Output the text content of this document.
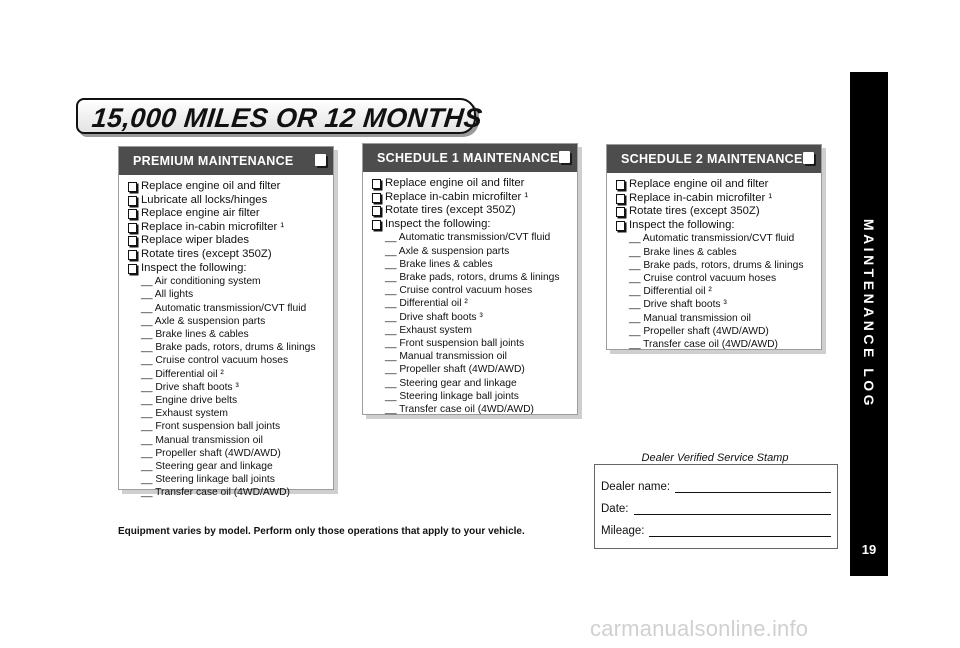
15,000 MILES OR 12 MONTHS
MAINTENANCE LOG
19
PREMIUM MAINTENANCE
Replace engine oil and filter
Lubricate all locks/hinges
Replace engine air filter
Replace in-cabin microfilter ¹
Replace wiper blades
Rotate tires (except 350Z)
Inspect the following:
__ Air conditioning system
__ All lights
__ Automatic transmission/CVT fluid
__ Axle & suspension parts
__ Brake lines & cables
__ Brake pads, rotors, drums & linings
__ Cruise control vacuum hoses
__ Differential oil ²
__ Drive shaft boots ³
__ Engine drive belts
__ Exhaust system
__ Front suspension ball joints
__ Manual transmission oil
__ Propeller shaft (4WD/AWD)
__ Steering gear and linkage
__ Steering linkage ball joints
__ Transfer case oil (4WD/AWD)
SCHEDULE 1 MAINTENANCE
Replace engine oil and filter
Replace in-cabin microfilter ¹
Rotate tires (except 350Z)
Inspect the following:
__ Automatic transmission/CVT fluid
__ Axle & suspension parts
__ Brake lines & cables
__ Brake pads, rotors, drums & linings
__ Cruise control vacuum hoses
__ Differential oil ²
__ Drive shaft boots ³
__ Exhaust system
__ Front suspension ball joints
__ Manual transmission oil
__ Propeller shaft (4WD/AWD)
__ Steering gear and linkage
__ Steering linkage ball joints
__ Transfer case oil (4WD/AWD)
SCHEDULE 2 MAINTENANCE
Replace engine oil and filter
Replace in-cabin microfilter ¹
Rotate tires (except 350Z)
Inspect the following:
__ Automatic transmission/CVT fluid
__ Brake lines & cables
__ Brake pads, rotors, drums & linings
__ Cruise control vacuum hoses
__ Differential oil ²
__ Drive shaft boots ³
__ Manual transmission oil
__ Propeller shaft (4WD/AWD)
__ Transfer case oil (4WD/AWD)
Dealer Verified Service Stamp
Dealer name:
Date:
Mileage:
Equipment varies by model. Perform only those operations that apply to your vehicle.
carmanualsonline.info
